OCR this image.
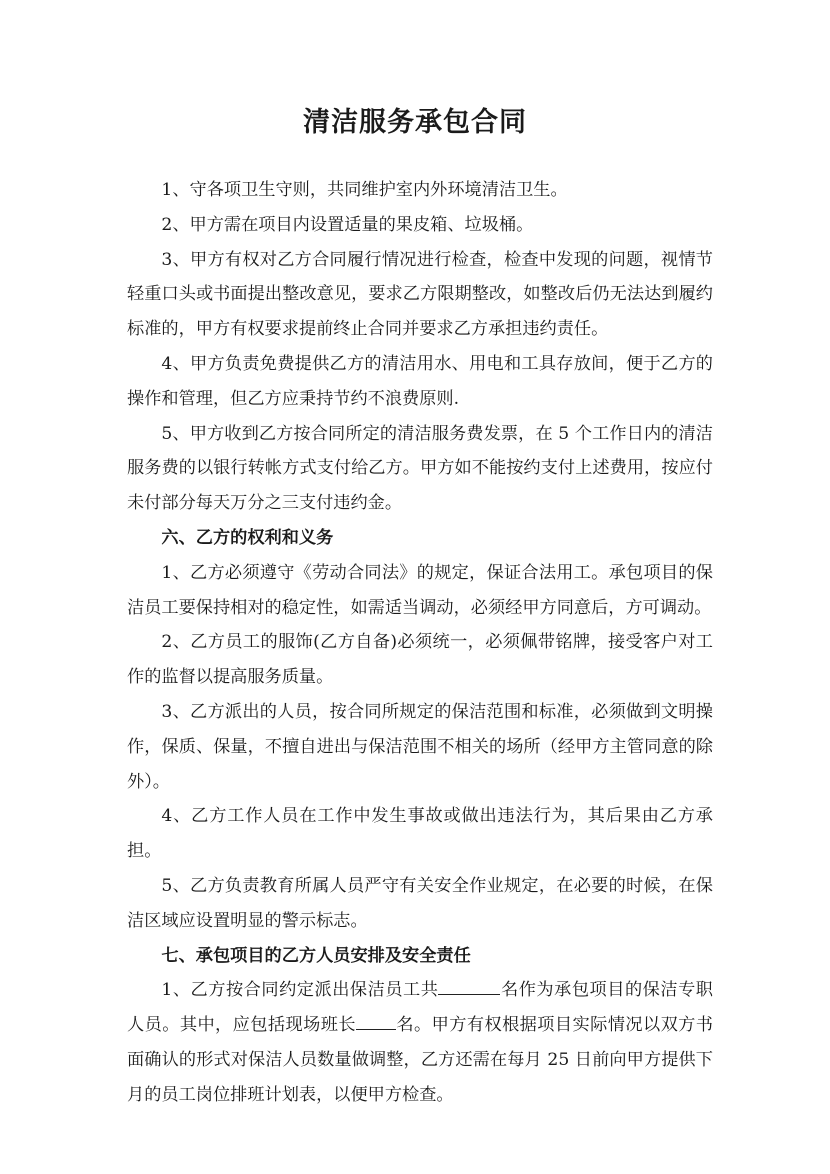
清洁服务承包合同

1、守各项卫生守则，共同维护室内外环境清洁卫生。

2、甲方需在项目内设置适量的果皮箱、垃圾桶。

3、甲方有权对乙方合同履行情况进行检查，检查中发现的问题，视情节轻重口头或书面提出整改意见，要求乙方限期整改，如整改后仍无法达到履约标准的，甲方有权要求提前终止合同并要求乙方承担违约责任。

4、甲方负责免费提供乙方的清洁用水、用电和工具存放间，便于乙方的操作和管理，但乙方应秉持节约不浪费原则.

5、甲方收到乙方按合同所定的清洁服务费发票，在 5 个工作日内的清洁服务费的以银行转帐方式支付给乙方。甲方如不能按约支付上述费用，按应付未付部分每天万分之三支付违约金。

六、乙方的权利和义务

1、乙方必须遵守《劳动合同法》的规定，保证合法用工。承包项目的保洁员工要保持相对的稳定性，如需适当调动，必须经甲方同意后，方可调动。

2、乙方员工的服饰(乙方自备)必须统一，必须佩带铭牌，接受客户对工作的监督以提高服务质量。

3、乙方派出的人员，按合同所规定的保洁范围和标准，必须做到文明操作，保质、保量，不擅自进出与保洁范围不相关的场所（经甲方主管同意的除外）。

4、乙方工作人员在工作中发生事故或做出违法行为，其后果由乙方承担。

5、乙方负责教育所属人员严守有关安全作业规定，在必要的时候，在保洁区域应设置明显的警示标志。

七、承包项目的乙方人员安排及安全责任

1、乙方按合同约定派出保洁员工共	名作为承包项目的保洁专职人员。其中，应包括现场班长 名。甲方有权根据项目实际情况以双方书面确认的形式对保洁人员数量做调整，乙方还需在每月 25 日前向甲方提供下月的员工岗位排班计划表，以便甲方检查。
